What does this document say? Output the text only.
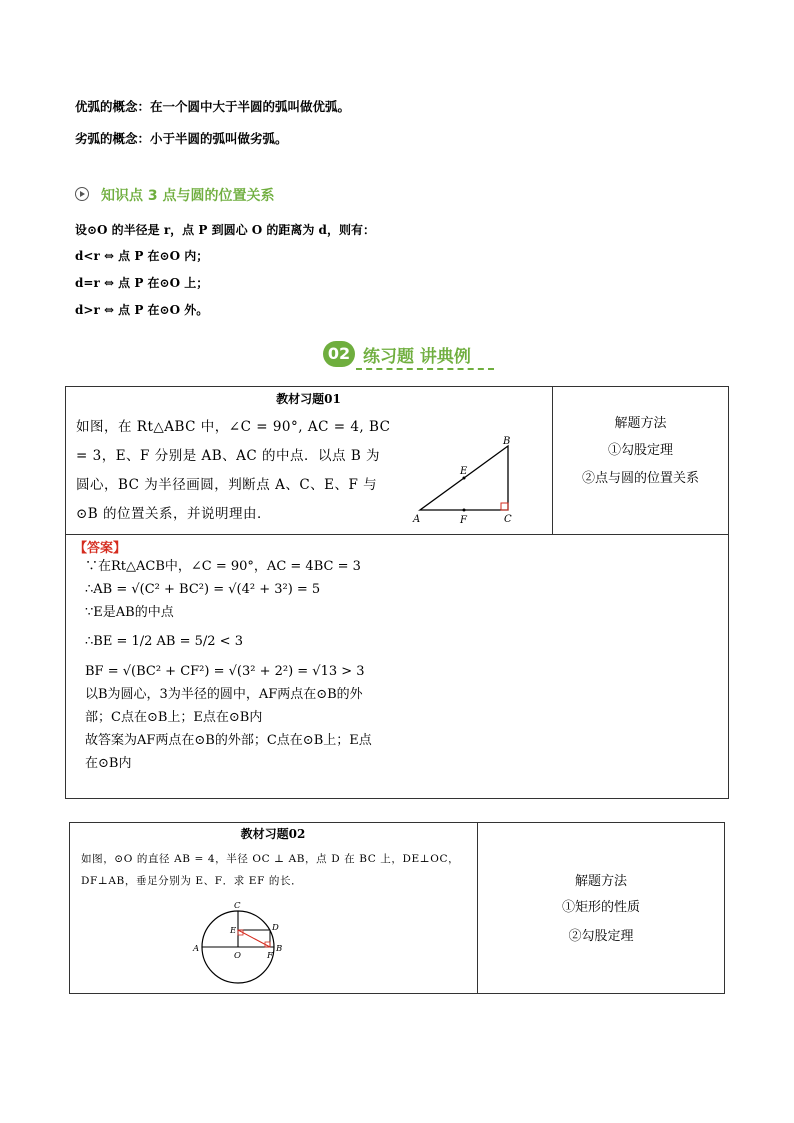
优弧的概念：在一个圆中大于半圆的弧叫做优弧。
劣弧的概念：小于半圆的弧叫做劣弧。
知识点 3 点与圆的位置关系
设⊙O 的半径是 r，点 P 到圆心 O 的距离为 d，则有：
d<r ⇔ 点 P 在⊙O 内；
d=r ⇔ 点 P 在⊙O 上；
d>r ⇔ 点 P 在⊙O 外。
02 练习题 讲典例
教材习题01
如图，在 Rt△ABC 中，∠C = 90°, AC = 4, BC = 3，E、F 分别是 AB、AC 的中点．以点 B 为圆心，BC 为半径画圆，判断点 A、C、E、F 与⊙B 的位置关系，并说明理由．	A
B
C
E
F
解题方法
①勾股定理
②点与圆的位置关系
【答案】
∵在Rt△ACB中，∠C = 90°，AC = 4BC = 3
∴AB = √(C² + BC²) = √(4² + 3²) = 5
∵E是AB的中点
∴BE = 1/2 AB = 5/2 < 3
BF = √(BC² + CF²) = √(3² + 2²) = √13 > 3
以B为圆心，3为半径的圆中，AF两点在⊙B的外
部；C点在⊙B上；E点在⊙B内
故答案为AF两点在⊙B的外部；C点在⊙B上；E点
在⊙B内
教材习题02
如图，⊙O 的直径 AB = 4，半径 OC ⊥ AB，点 D 在 BC 上，DE⊥OC，DF⊥AB，垂足分别为 E、F．求 EF 的长．
A	B
C
D
E
F
O
解题方法
①矩形的性质
②勾股定理
